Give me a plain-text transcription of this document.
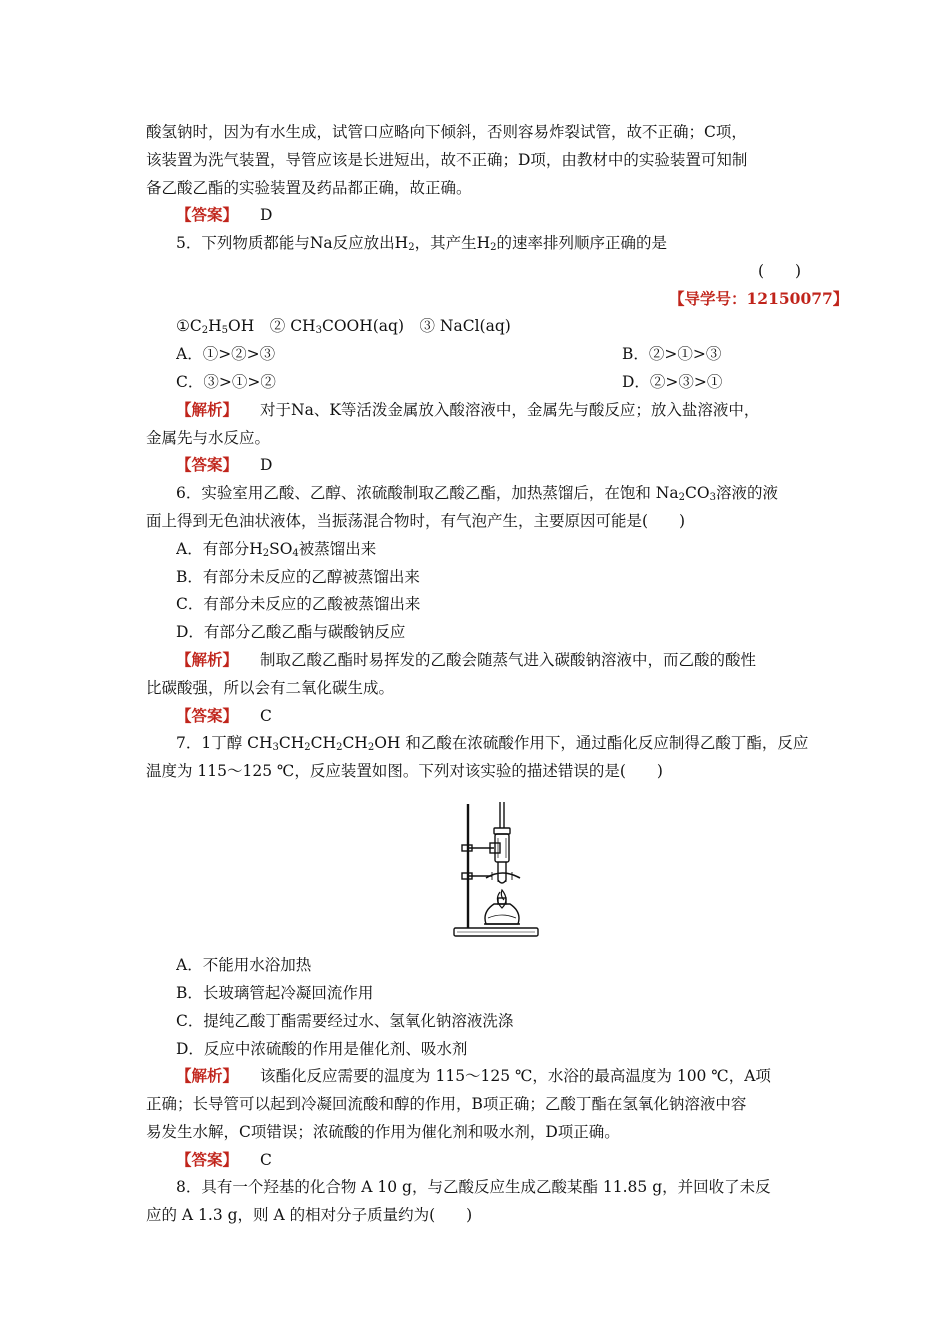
酸氢钠时，因为有水生成，试管口应略向下倾斜，否则容易炸裂试管，故不正确；C项，
该装置为洗气装置，导管应该是长进短出，故不正确；D项，由教材中的实验装置可知制
备乙酸乙酯的实验装置及药品都正确，故正确。
【答案】 D
5．下列物质都能与Na反应放出$H_2$，其产生$H_2$的速率排列顺序正确的是
(　　)
【导学号：12150077】
$①C_2H_5OH$　② $CH_3COOH(aq)$　③ NaCl(aq)
A．①>②>③	B．②>①>③
C．③>①>②	D．②>③>①
【解析】 对于Na、K等活泼金属放入酸溶液中，金属先与酸反应；放入盐溶液中，
金属先与水反应。
【答案】 D
6．实验室用乙酸、乙醇、浓硫酸制取乙酸乙酯，加热蒸馏后，在饱和 $Na_2CO_3$溶液的液
面上得到无色油状液体，当振荡混合物时，有气泡产生，主要原因可能是(　　)
A．有部分$H_2SO_4$被蒸馏出来
B．有部分未反应的乙醇被蒸馏出来
C．有部分未反应的乙酸被蒸馏出来
D．有部分乙酸乙酯与碳酸钠反应
【解析】 制取乙酸乙酯时易挥发的乙酸会随蒸气进入碳酸钠溶液中，而乙酸的酸性
比碳酸强，所以会有二氧化碳生成。
【答案】 C
7．1丁醇 $CH_3CH_2CH_2CH_2OH$ 和乙酸在浓硫酸作用下，通过酯化反应制得乙酸丁酯，反应
温度为 115～125 ℃，反应装置如图。下列对该实验的描述错误的是(　　)
A．不能用水浴加热
B．长玻璃管起冷凝回流作用
C．提纯乙酸丁酯需要经过水、氢氧化钠溶液洗涤
D．反应中浓硫酸的作用是催化剂、吸水剂
【解析】 该酯化反应需要的温度为 115～125 ℃，水浴的最高温度为 100 ℃，A项
正确；长导管可以起到冷凝回流酸和醇的作用，B项正确；乙酸丁酯在氢氧化钠溶液中容
易发生水解，C项错误；浓硫酸的作用为催化剂和吸水剂，D项正确。
【答案】 C
8．具有一个羟基的化合物 A 10 g，与乙酸反应生成乙酸某酯 11.85 g，并回收了未反
应的 A 1.3 g，则 A 的相对分子质量约为(　　)
